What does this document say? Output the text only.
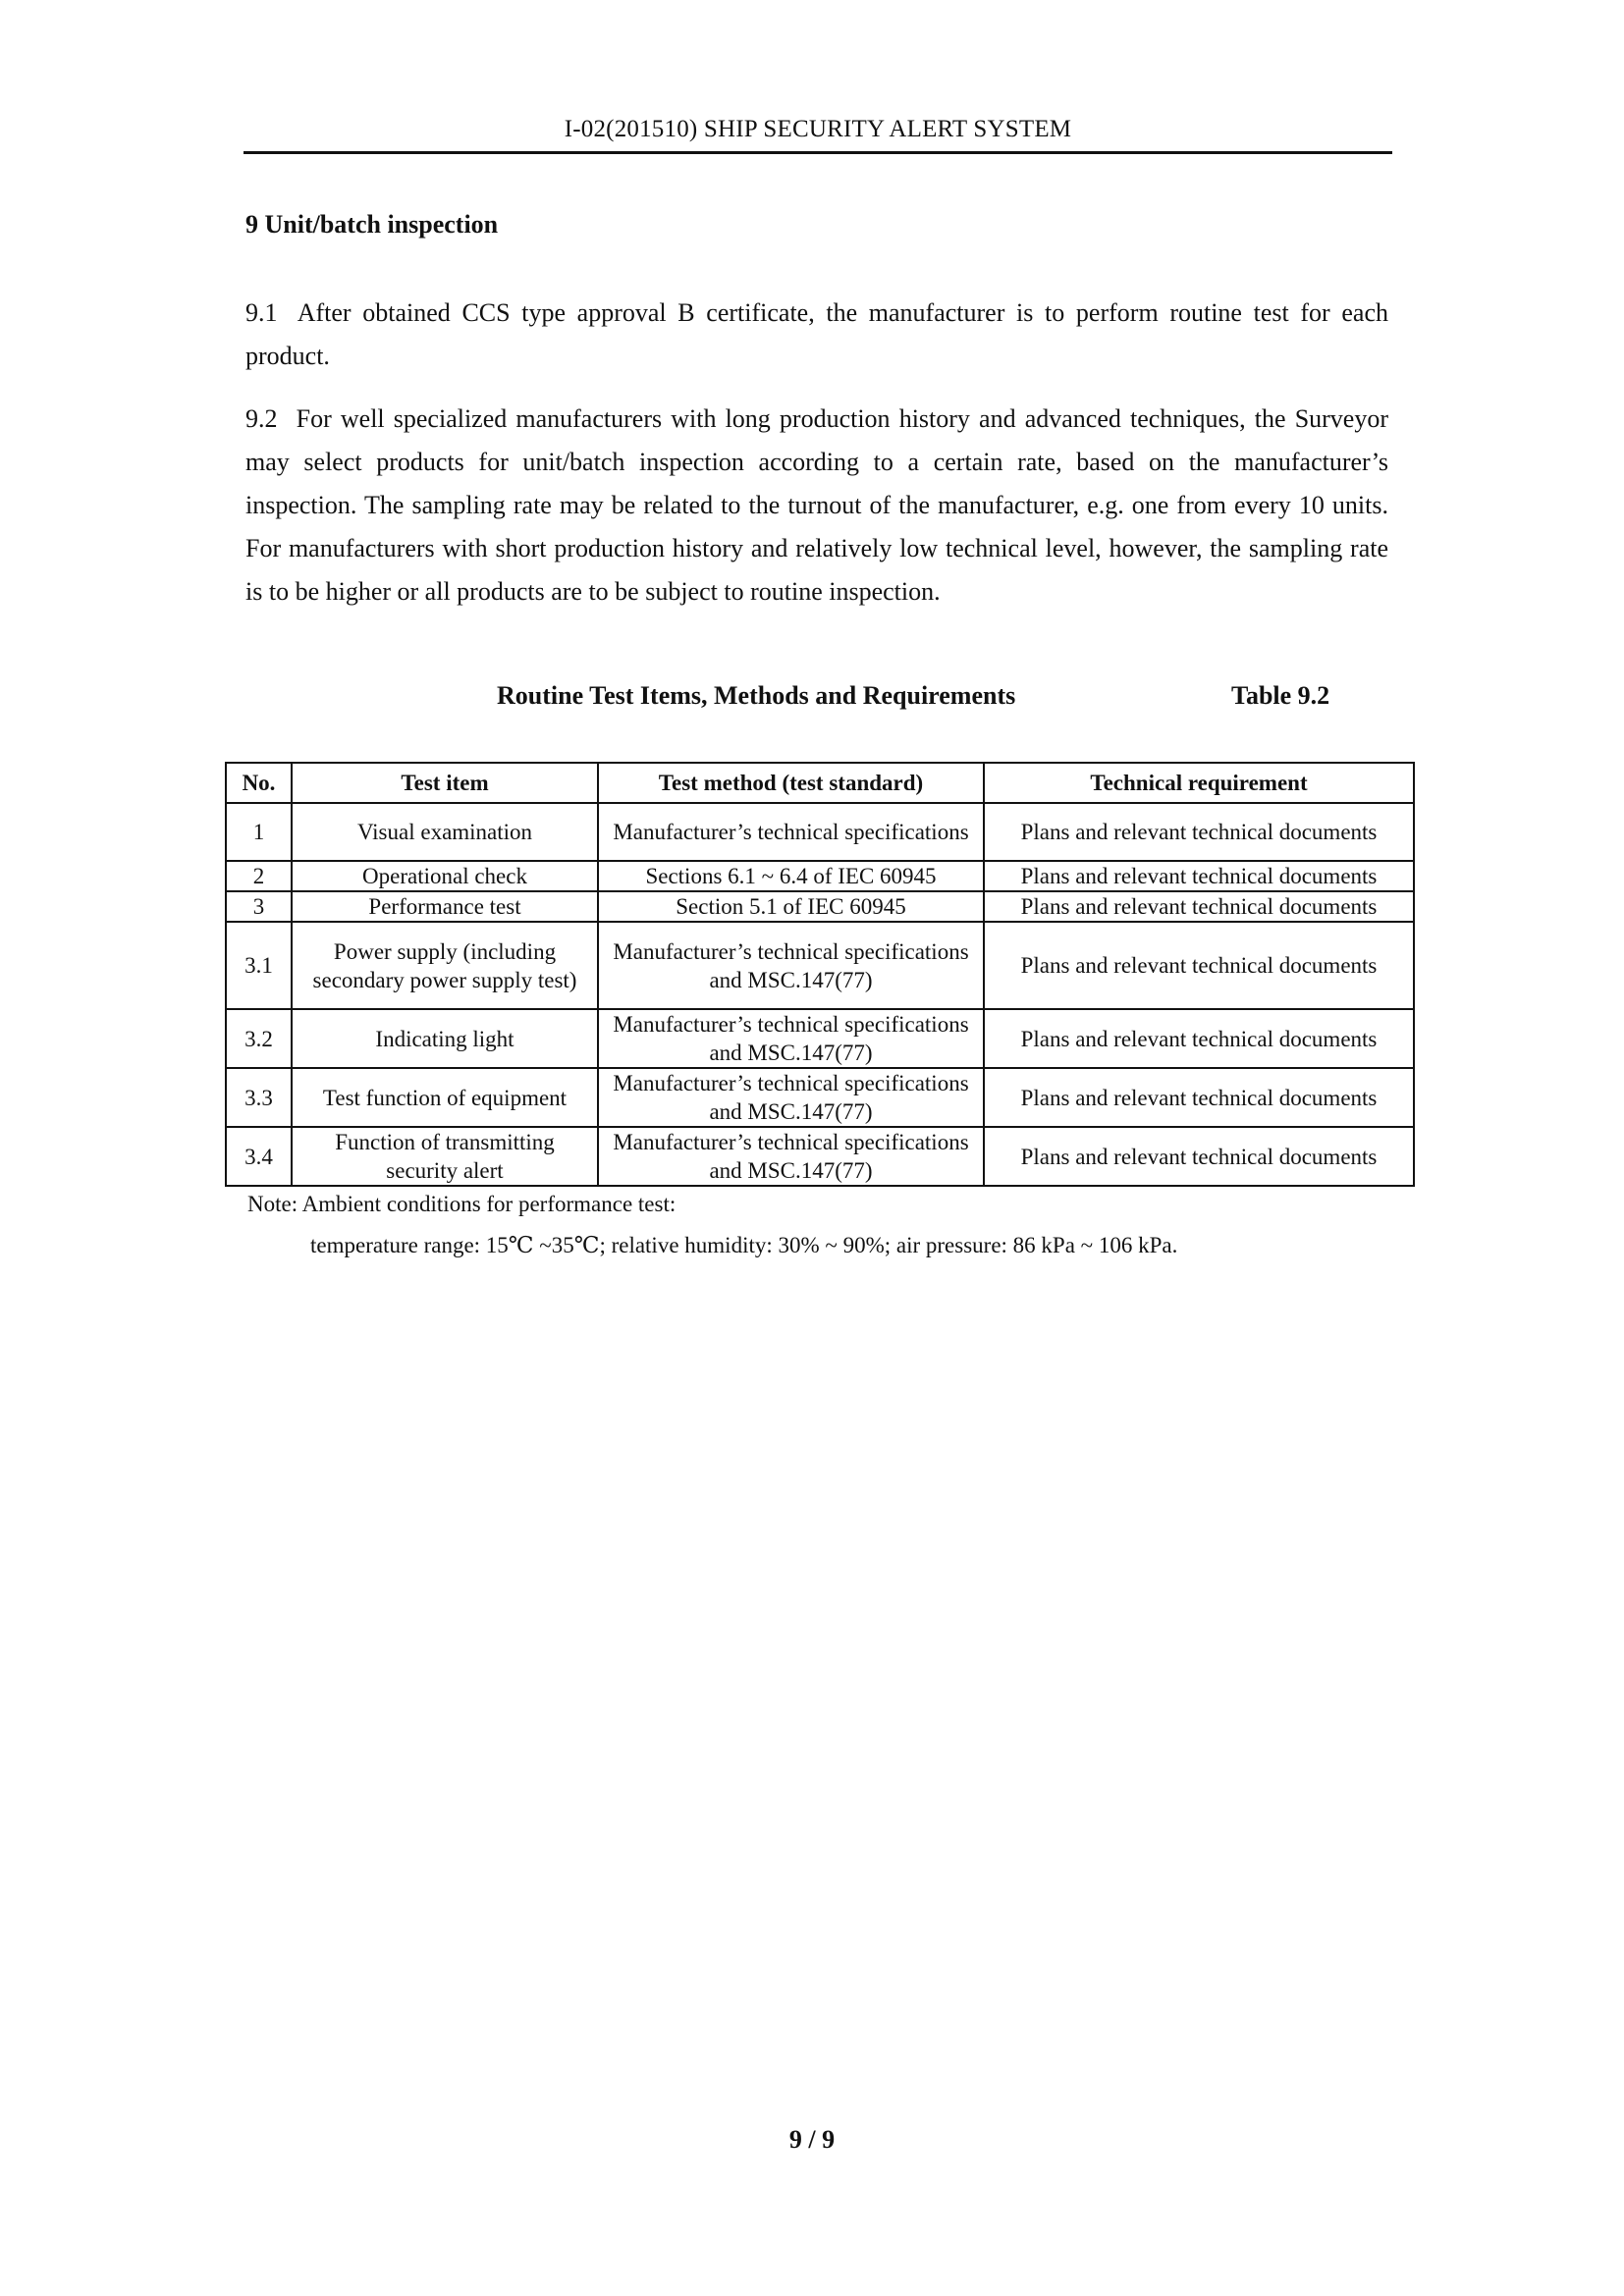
I-02(201510) SHIP SECURITY ALERT SYSTEM
9 Unit/batch inspection

9.1 After obtained CCS type approval B certificate, the manufacturer is to perform routine test for each product.

9.2 For well specialized manufacturers with long production history and advanced techniques, the Surveyor may select products for unit/batch inspection according to a certain rate, based on the manufacturer’s inspection. The sampling rate may be related to the turnout of the manufacturer, e.g. one from every 10 units. For manufacturers with short production history and relatively low technical level, however, the sampling rate is to be higher or all products are to be subject to routine inspection.

Routine Test Items, Methods and Requirements	Table 9.2
No.	Test item	Test method (test standard)	Technical requirement
1	Visual examination	Manufacturer’s technical specifications	Plans and relevant technical documents
2	Operational check	Sections 6.1 ~ 6.4 of IEC 60945	Plans and relevant technical documents
3	Performance test	Section 5.1 of IEC 60945	Plans and relevant technical documents
3.1	Power supply (including secondary power supply test)	Manufacturer’s technical specifications and MSC.147(77)	Plans and relevant technical documents
3.2	Indicating light	Manufacturer’s technical specifications and MSC.147(77)	Plans and relevant technical documents
3.3	Test function of equipment	Manufacturer’s technical specifications and MSC.147(77)	Plans and relevant technical documents
3.4	Function of transmitting security alert	Manufacturer’s technical specifications and MSC.147(77)	Plans and relevant technical documents
Note: Ambient conditions for performance test:
temperature range: 15℃ ~35℃; relative humidity: 30% ~ 90%; air pressure: 86 kPa ~ 106 kPa.
9 / 9
